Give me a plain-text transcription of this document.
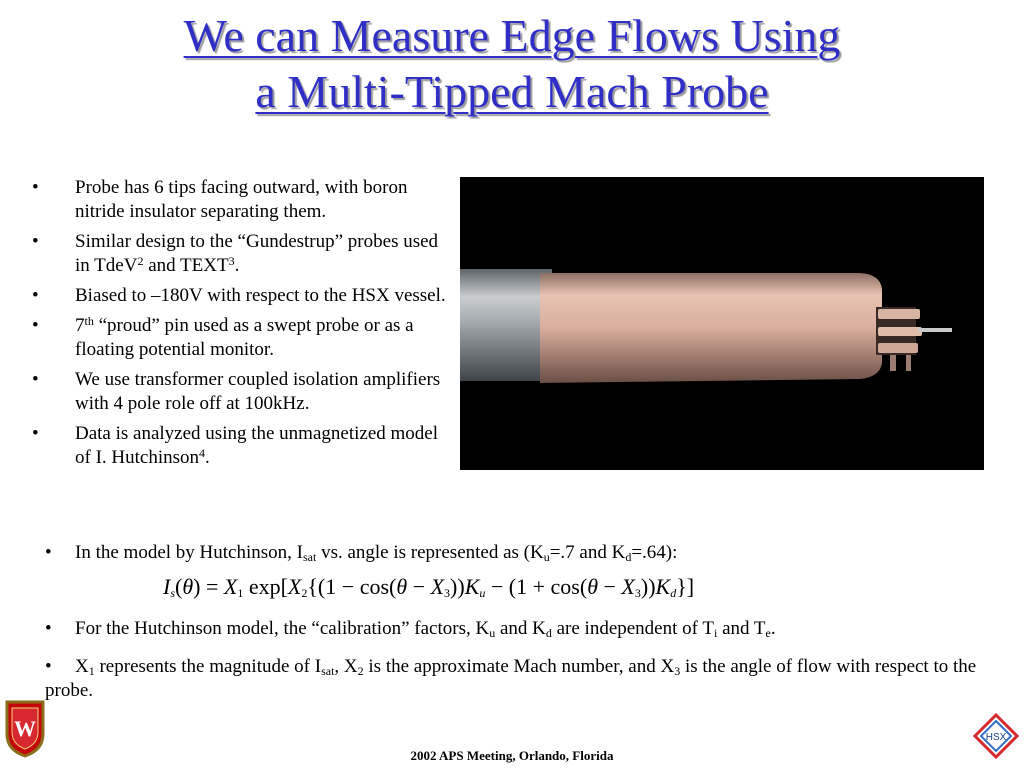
We can Measure Edge Flows Using
a Multi-Tipped Mach Probe
• Probe has 6 tips facing outward, with boron nitride insulator separating them.
• Similar design to the “Gundestrup” probes used in TdeV$^2$ and TEXT$^3$.
• Biased to –180V with respect to the HSX vessel.
• 7th “proud” pin used as a swept probe or as a floating potential monitor.
• We use transformer coupled isolation amplifiers with 4 pole role off at 100kHz.
• Data is analyzed using the unmagnetized model of I. Hutchinson$^4$.
• In the model by Hutchinson, $I_{sat}$ vs. angle is represented as ($K_u=.7$ and $K_d=.64$):
$I_s(\theta) = X_1$ $\exp[X_2\{(1 - \cos(\theta - X_3))K_u - (1 + \cos(\theta - X_3))K_d\}]$
• For the Hutchinson model, the “calibration” factors, $K_u$ and $K_d$ are independent of $T_i$ and $T_e$.
• $X_1$ represents the magnitude of $I_{sat}$, $X_2$ is the approximate Mach number, and $X_3$ is the angle of flow with respect to the probe.
W
2002 APS Meeting, Orlando, Florida
HSX
